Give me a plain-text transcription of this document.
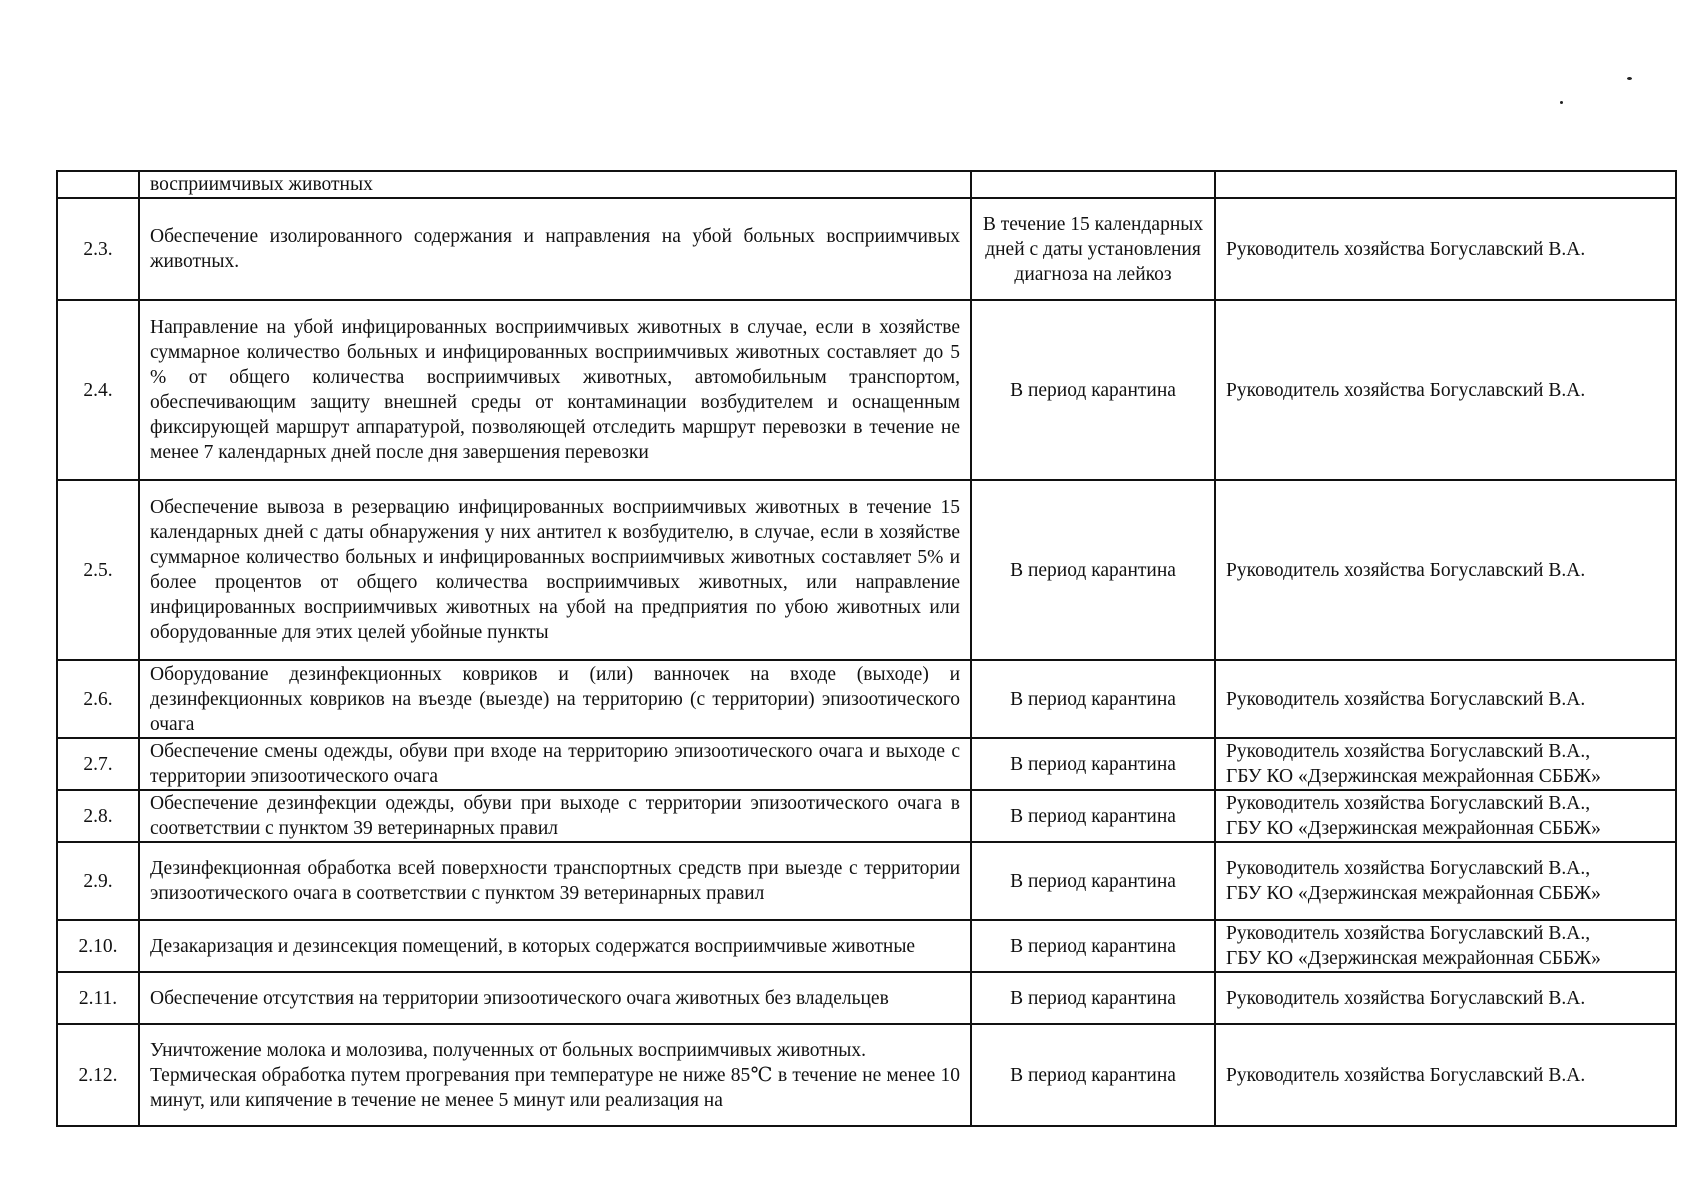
	восприимчивых животных		

2.3.	Обеспечение изолированного содержания и направления на убой больных восприимчивых животных.	В течение 15 календарных дней с даты установления диагноза на лейкоз	Руководитель хозяйства Богуславский В.А.
2.4.	Направление на убой инфицированных восприимчивых животных в случае, если в хозяйстве суммарное количество больных и инфицированных восприимчивых животных составляет до 5 % от общего количества восприимчивых животных, автомобильным транспортом, обеспечивающим защиту внешней среды от контаминации возбудителем и оснащенным фиксирующей маршрут аппаратурой, позволяющей отследить маршрут перевозки в течение не менее 7 календарных дней после дня завершения перевозки	В период карантина	Руководитель хозяйства Богуславский В.А.
2.5.	Обеспечение вывоза в резервацию инфицированных восприимчивых животных в течение 15 календарных дней с даты обнаружения у них антител к возбудителю, в случае, если в хозяйстве суммарное количество больных и инфицированных восприимчивых животных составляет 5% и более процентов от общего количества восприимчивых животных, или направление инфицированных восприимчивых животных на убой на предприятия по убою животных или оборудованные для этих целей убойные пункты	В период карантина	Руководитель хозяйства Богуславский В.А.
2.6.	Оборудование дезинфекционных ковриков и (или) ванночек на входе (выходе) и дезинфекционных ковриков на въезде (выезде) на территорию (с территории) эпизоотического очага	В период карантина	Руководитель хозяйства Богуславский В.А.
2.7.	Обеспечение смены одежды, обуви при входе на территорию эпизоотического очага и выходе с территории эпизоотического очага	В период карантина	Руководитель хозяйства Богуславский В.А.,
ГБУ КО «Дзержинская межрайонная СББЖ»
2.8.	Обеспечение дезинфекции одежды, обуви при выходе с территории эпизоотического очага в соответствии с пунктом 39 ветеринарных правил	В период карантина	Руководитель хозяйства Богуславский В.А.,
ГБУ КО «Дзержинская межрайонная СББЖ»
2.9.	Дезинфекционная обработка всей поверхности транспортных средств при выезде с территории эпизоотического очага в соответствии с пунктом 39 ветеринарных правил	В период карантина	Руководитель хозяйства Богуславский В.А.,
ГБУ КО «Дзержинская межрайонная СББЖ»
2.10.	Дезакаризация и дезинсекция помещений, в которых содержатся восприимчивые животные	В период карантина	Руководитель хозяйства Богуславский В.А.,
ГБУ КО «Дзержинская межрайонная СББЖ»
2.11.	Обеспечение отсутствия на территории эпизоотического очага животных без владельцев	В период карантина	Руководитель хозяйства Богуславский В.А.
2.12.	Уничтожение молока и молозива, полученных от больных восприимчивых животных.

Термическая обработка путем прогревания при температуре не ниже 85℃ в течение не менее 10 минут, или кипячение в течение не менее 5 минут или реализация на	В период карантина	Руководитель хозяйства Богуславский В.А.
